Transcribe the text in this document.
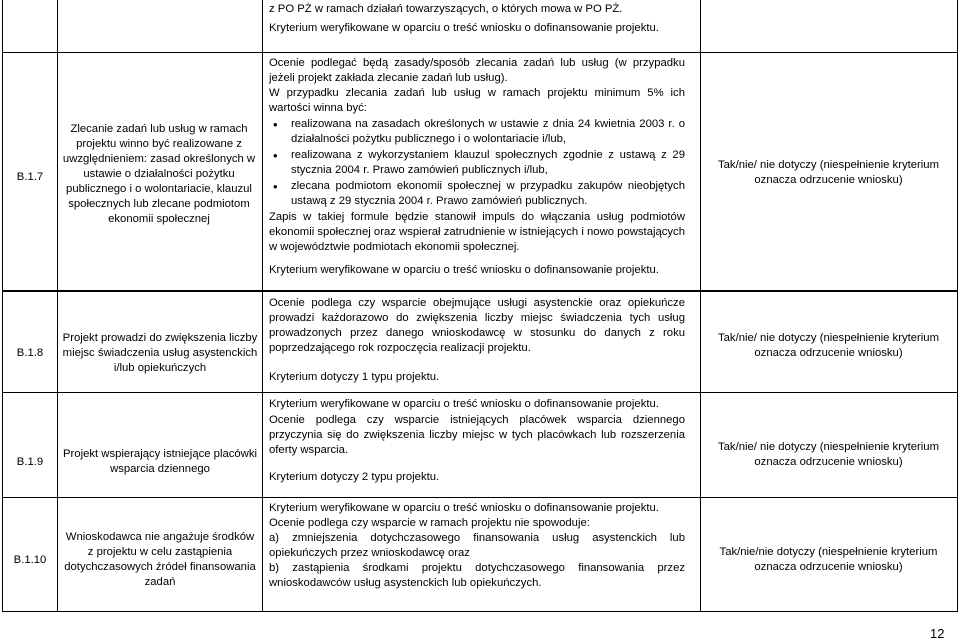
z PO PŻ w ramach działań towarzyszących, o których mowa w PO PŻ.
Kryterium weryfikowane w oparciu o treść wniosku o dofinansowanie projektu.
B.1.7
Zlecanie zadań lub usług w ramach projektu winno być realizowane z uwzględnieniem: zasad określonych w ustawie o działalności pożytku publicznego i o wolontariacie, klauzul społecznych lub zlecane podmiotom ekonomii społecznej
Ocenie podlegać będą zasady/sposób zlecania zadań lub usług (w przypadku jeżeli projekt zakłada zlecanie zadań lub usług).
W przypadku zlecania zadań lub usług w ramach projektu minimum 5% ich wartości winna być:
• realizowana na zasadach określonych w ustawie z dnia 24 kwietnia 2003 r. o działalności pożytku publicznego i o wolontariacie i/lub,
• realizowana z wykorzystaniem klauzul społecznych zgodnie z ustawą z 29 stycznia 2004 r. Prawo zamówień publicznych i/lub,
• zlecana podmiotom ekonomii społecznej w przypadku zakupów nieobjętych ustawą z 29 stycznia 2004 r. Prawo zamówień publicznych.
Zapis w takiej formule będzie stanowił impuls do włączania usług podmiotów ekonomii społecznej oraz wspierał zatrudnienie w istniejących i nowo powstających w województwie podmiotach ekonomii społecznej.
Kryterium weryfikowane w oparciu o treść wniosku o dofinansowanie projektu.
Tak/nie/ nie dotyczy (niespełnienie kryterium oznacza odrzucenie wniosku)
B.1.8
Projekt prowadzi do zwiększenia liczby miejsc świadczenia usług asystenckich i/lub opiekuńczych
Ocenie podlega czy wsparcie obejmujące usługi asystenckie oraz opiekuńcze prowadzi każdorazowo do zwiększenia liczby miejsc świadczenia tych usług prowadzonych przez danego wnioskodawcę w stosunku do danych z roku poprzedzającego rok rozpoczęcia realizacji projektu.
Kryterium dotyczy 1 typu projektu.
Tak/nie/ nie dotyczy (niespełnienie kryterium oznacza odrzucenie wniosku)
Kryterium weryfikowane w oparciu o treść wniosku o dofinansowanie projektu.
B.1.9
Projekt wspierający istniejące placówki wsparcia dziennego
Ocenie podlega czy wsparcie istniejących placówek wsparcia dziennego przyczynia się do zwiększenia liczby miejsc w tych placówkach lub rozszerzenia oferty wsparcia.
Kryterium dotyczy 2 typu projektu.
Tak/nie/ nie dotyczy (niespełnienie kryterium oznacza odrzucenie wniosku)
Kryterium weryfikowane w oparciu o treść wniosku o dofinansowanie projektu.
B.1.10
Wnioskodawca nie angażuje środków z projektu w celu zastąpienia dotychczasowych źródeł finansowania zadań
Ocenie podlega czy wsparcie w ramach projektu nie spowoduje:
a) zmniejszenia dotychczasowego finansowania usług asystenckich lub opiekuńczych przez wnioskodawcę oraz
b) zastąpienia środkami projektu dotychczasowego finansowania przez wnioskodawców usług asystenckich lub opiekuńczych.
Tak/nie/nie dotyczy (niespełnienie kryterium oznacza odrzucenie wniosku)
12
